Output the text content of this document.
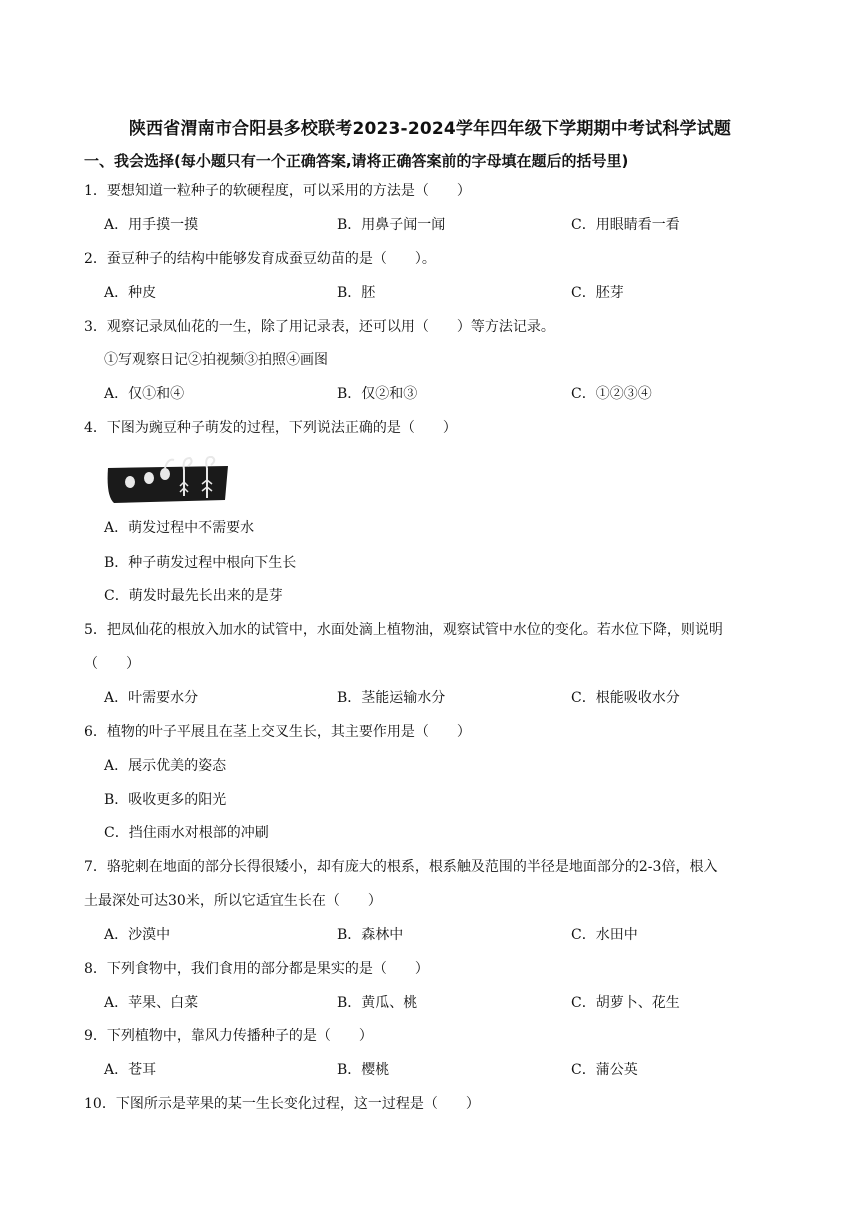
陕西省渭南市合阳县多校联考2023-2024学年四年级下学期期中考试科学试题
一、我会选择(每小题只有一个正确答案,请将正确答案前的字母填在题后的括号里)
1．要想知道一粒种子的软硬程度，可以采用的方法是（　　）
A．用手摸一摸	B．用鼻子闻一闻	C．用眼睛看一看
2．蚕豆种子的结构中能够发育成蚕豆幼苗的是（　　）。
A．种皮	B．胚	C．胚芽
3．观察记录凤仙花的一生，除了用记录表，还可以用（　　）等方法记录。
①写观察日记②拍视频③拍照④画图
A．仅①和④	B．仅②和③	C．①②③④
4．下图为豌豆种子萌发的过程，下列说法正确的是（　　）
A．萌发过程中不需要水
B．种子萌发过程中根向下生长
C．萌发时最先长出来的是芽
5．把凤仙花的根放入加水的试管中，水面处滴上植物油，观察试管中水位的变化。若水位下降，则说明
（　　）
A．叶需要水分	B．茎能运输水分	C．根能吸收水分
6．植物的叶子平展且在茎上交叉生长，其主要作用是（　　）
A．展示优美的姿态
B．吸收更多的阳光
C．挡住雨水对根部的冲刷
7．骆驼刺在地面的部分长得很矮小，却有庞大的根系，根系触及范围的半径是地面部分的2-3倍，根入
土最深处可达30米，所以它适宜生长在（　　）
A．沙漠中	B．森林中	C．水田中
8．下列食物中，我们食用的部分都是果实的是（　　）
A．苹果、白菜	B．黄瓜、桃	C．胡萝卜、花生
9．下列植物中，靠风力传播种子的是（　　）
A．苍耳	B．樱桃	C．蒲公英
10．下图所示是苹果的某一生长变化过程，这一过程是（　　）
